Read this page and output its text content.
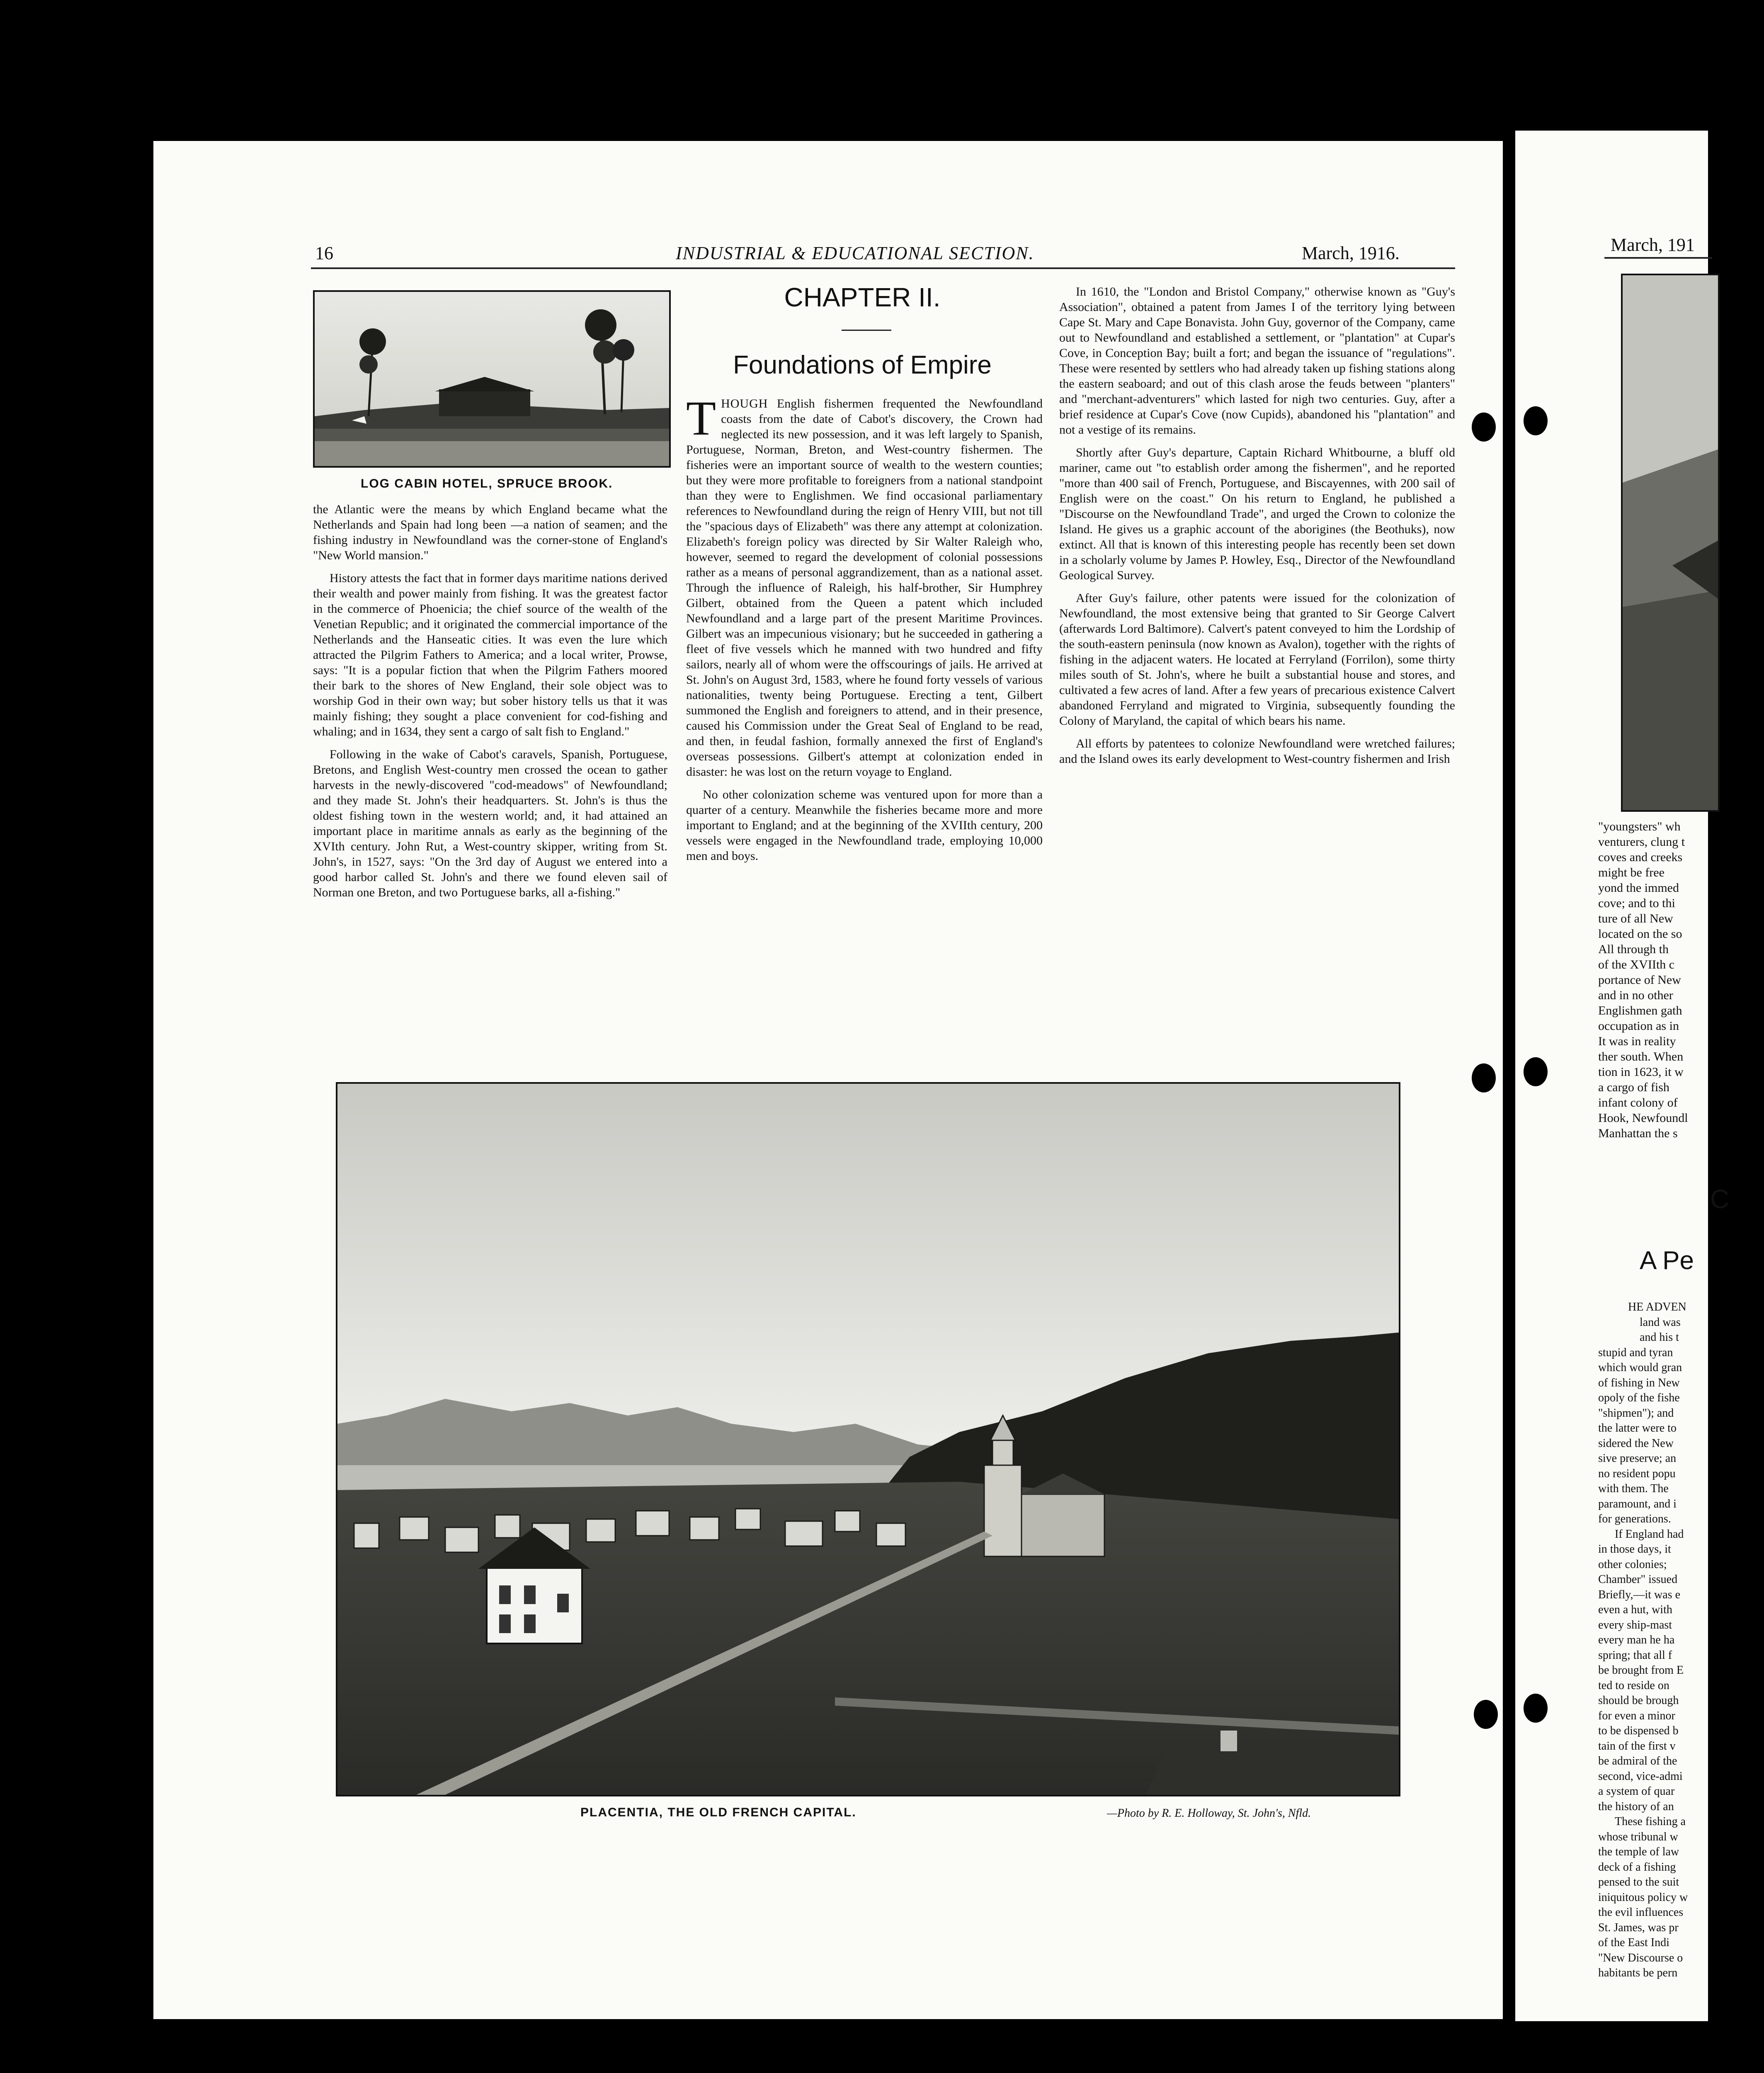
16	INDUSTRIAL & EDUCATIONAL SECTION.	March, 1916.
LOG CABIN HOTEL, SPRUCE BROOK.

the Atlantic were the means by which England became what the Netherlands and Spain had long been —a nation of seamen; and the fishing industry in Newfoundland was the corner-stone of England's "New World mansion."

History attests the fact that in former days maritime nations derived their wealth and power mainly from fishing. It was the greatest factor in the commerce of Phoenicia; the chief source of the wealth of the Venetian Republic; and it originated the commercial importance of the Netherlands and the Hanseatic cities. It was even the lure which attracted the Pilgrim Fathers to America; and a local writer, Prowse, says: "It is a popular fiction that when the Pilgrim Fathers moored their bark to the shores of New England, their sole object was to worship God in their own way; but sober history tells us that it was mainly fishing; they sought a place convenient for cod-fishing and whaling; and in 1634, they sent a cargo of salt fish to England."

Following in the wake of Cabot's caravels, Spanish, Portuguese, Bretons, and English West-country men crossed the ocean to gather harvests in the newly-discovered "cod-meadows" of Newfoundland; and they made St. John's their headquarters. St. John's is thus the oldest fishing town in the western world; and, it had attained an important place in maritime annals as early as the beginning of the XVIth century. John Rut, a West-country skipper, writing from St. John's, in 1527, says: "On the 3rd day of August we entered into a good harbor called St. John's and there we found eleven sail of Norman one Breton, and two Portuguese barks, all a-fishing."

CHAPTER II.
Foundations of Empire

THOUGH English fishermen frequented the Newfoundland coasts from the date of Cabot's discovery, the Crown had neglected its new possession, and it was left largely to Spanish, Portuguese, Norman, Breton, and West-country fishermen. The fisheries were an important source of wealth to the western counties; but they were more profitable to foreigners from a national standpoint than they were to Englishmen. We find occasional parliamentary references to Newfoundland during the reign of Henry VIII, but not till the "spacious days of Elizabeth" was there any attempt at colonization. Elizabeth's foreign policy was directed by Sir Walter Raleigh who, however, seemed to regard the development of colonial possessions rather as a means of personal aggrandizement, than as a national asset. Through the influence of Raleigh, his half-brother, Sir Humphrey Gilbert, obtained from the Queen a patent which included Newfoundland and a large part of the present Maritime Provinces. Gilbert was an impecunious visionary; but he succeeded in gathering a fleet of five vessels which he manned with two hundred and fifty sailors, nearly all of whom were the offscourings of jails. He arrived at St. John's on August 3rd, 1583, where he found forty vessels of various nationalities, twenty being Portuguese. Erecting a tent, Gilbert summoned the English and foreigners to attend, and in their presence, caused his Commission under the Great Seal of England to be read, and then, in feudal fashion, formally annexed the first of England's overseas possessions. Gilbert's attempt at colonization ended in disaster: he was lost on the return voyage to England.

No other colonization scheme was ventured upon for more than a quarter of a century. Meanwhile the fisheries became more and more important to England; and at the beginning of the XVIIth century, 200 vessels were engaged in the Newfoundland trade, employing 10,000 men and boys.

In 1610, the "London and Bristol Company," otherwise known as "Guy's Association", obtained a patent from James I of the territory lying between Cape St. Mary and Cape Bonavista. John Guy, governor of the Company, came out to Newfoundland and established a settlement, or "plantation" at Cupar's Cove, in Conception Bay; built a fort; and began the issuance of "regulations". These were resented by settlers who had already taken up fishing stations along the eastern seaboard; and out of this clash arose the feuds between "planters" and "merchant-adventurers" which lasted for nigh two centuries. Guy, after a brief residence at Cupar's Cove (now Cupids), abandoned his "plantation" and not a vestige of its remains.

Shortly after Guy's departure, Captain Richard Whitbourne, a bluff old mariner, came out "to establish order among the fishermen", and he reported "more than 400 sail of French, Portuguese, and Biscayennes, with 200 sail of English were on the coast." On his return to England, he published a "Discourse on the Newfoundland Trade", and urged the Crown to colonize the Island. He gives us a graphic account of the aborigines (the Beothuks), now extinct. All that is known of this interesting people has recently been set down in a scholarly volume by James P. Howley, Esq., Director of the Newfoundland Geological Survey.

After Guy's failure, other patents were issued for the colonization of Newfoundland, the most extensive being that granted to Sir George Calvert (afterwards Lord Baltimore). Calvert's patent conveyed to him the Lordship of the south-eastern peninsula (now known as Avalon), together with the rights of fishing in the adjacent waters. He located at Ferryland (Forrilon), some thirty miles south of St. John's, where he built a substantial house and stores, and cultivated a few acres of land. After a few years of precarious existence Calvert abandoned Ferryland and migrated to Virginia, subsequently founding the Colony of Maryland, the capital of which bears his name.

All efforts by patentees to colonize Newfoundland were wretched failures; and the Island owes its early development to West-country fishermen and Irish

PLACENTIA, THE OLD FRENCH CAPITAL.	—Photo by R. E. Holloway, St. John's, Nfld.
March, 191
"youngsters" wh
venturers, clung t
coves and creeks
might be free
yond the immed
cove; and to thi
ture of all New
located on the so
All through th
of the XVIIth c
portance of New
and in no other
Englishmen gath
occupation as in
It was in reality
ther south. When
tion in 1623, it w
a cargo of fish
infant colony of
Hook, Newfoundl
Manhattan the s
C
A Pe
HE ADVEN
land was
and his t
stupid and tyran
which would gran
of fishing in New
opoly of the fishe
"shipmen"); and
the latter were to
sidered the New
sive preserve; an
no resident popu
with them. The
paramount, and i
for generations.
If England had
in those days, it
other colonies;
Chamber" issued
Briefly,—it was e
even a hut, with
every ship-mast
every man he ha
spring; that all f
be brought from E
ted to reside on
should be brough
for even a minor
to be dispensed b
tain of the first v
be admiral of the
second, vice-admi
a system of quar
the history of an
These fishing a
whose tribunal w
the temple of law
deck of a fishing
pensed to the suit
iniquitous policy w
the evil influences
St. James, was pr
of the East Indi
"New Discourse o
habitants be pern
